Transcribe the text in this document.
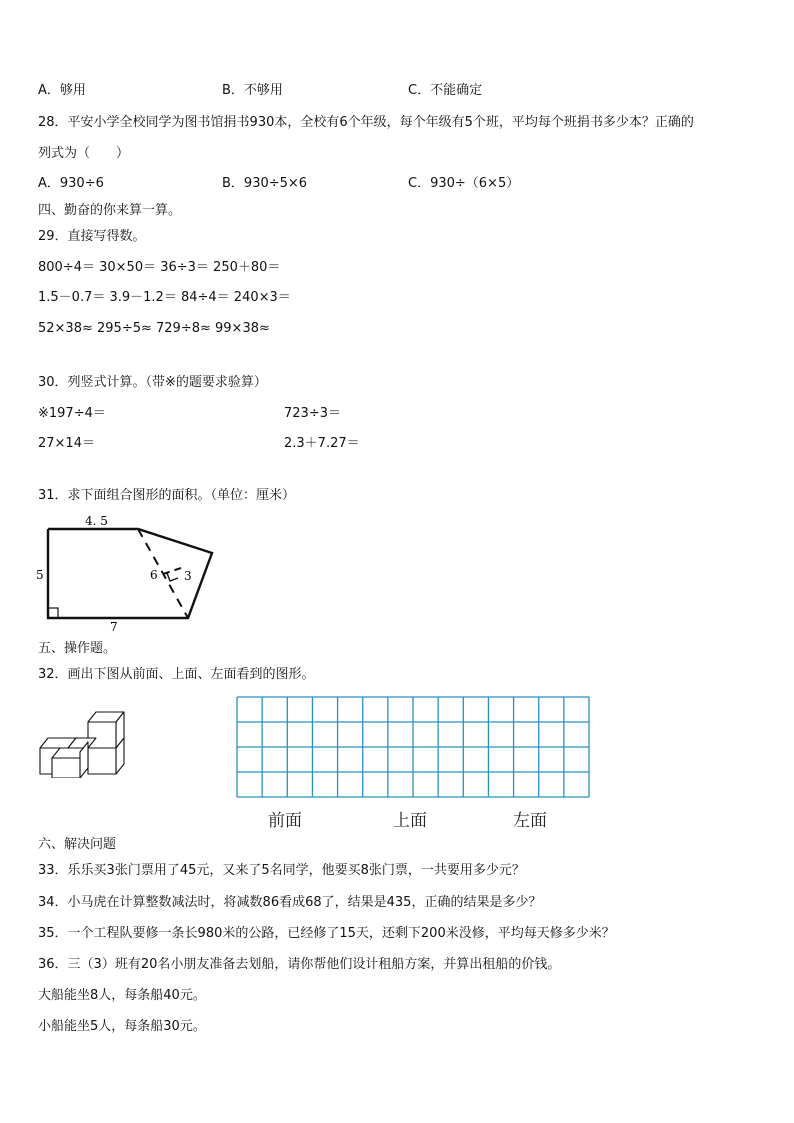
A．够用	B．不够用	C．不能确定
28．平安小学全校同学为图书馆捐书930本，全校有6个年级，每个年级有5个班，平均每个班捐书多少本？正确的
列式为（　　）
A．930÷6	B．930÷5×6	C．930÷（6×5）
四、勤奋的你来算一算。
29．直接写得数。
800÷4＝ 30×50＝ 36÷3＝ 250＋80＝
1.5－0.7＝ 3.9－1.2＝ 84÷4＝ 240×3＝
52×38≈ 295÷5≈ 729÷8≈ 99×38≈
30．列竖式计算。（带※的题要求验算）
※197÷4＝	723÷3＝
27×14＝	2.3＋7.27＝
31．求下面组合图形的面积。（单位：厘米）
4. 5
5
7
6 3
五、操作题。
32．画出下图从前面、上面、左面看到的图形。
前面	上面	左面
六、解决问题
33．乐乐买3张门票用了45元，又来了5名同学，他要买8张门票，一共要用多少元？
34．小马虎在计算整数减法时，将减数86看成68了，结果是435，正确的结果是多少？
35．一个工程队要修一条长980米的公路，已经修了15天，还剩下200米没修，平均每天修多少米？
36．三（3）班有20名小朋友准备去划船，请你帮他们设计租船方案，并算出租船的价钱。
大船能坐8人，每条船40元。
小船能坐5人，每条船30元。
